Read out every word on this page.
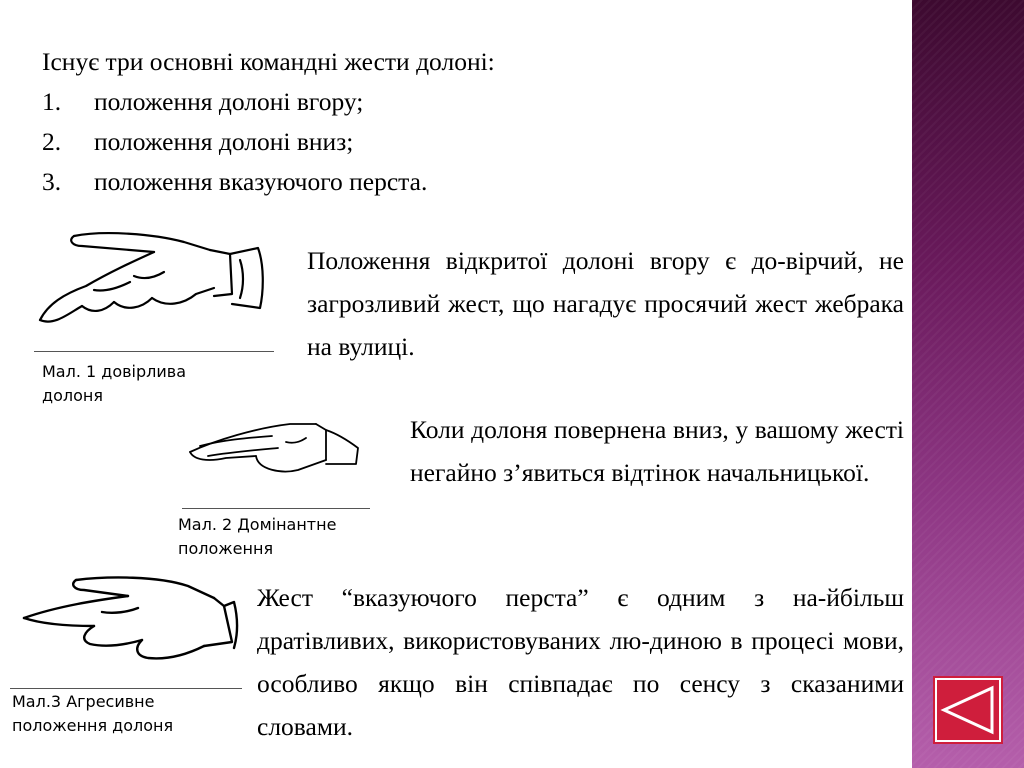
Існує три основні командні жести долоні:
1. положення долоні вгору;
2. положення долоні вниз;
3. положення вказуючого перста.
Мал. 1 довірлива
долоня
Положення відкритої долоні вгору є до-вірчий, не загрозливий жест, що нагадує просячий жест жебрака на вулиці.
Мал. 2 Домінантне
положення
Коли долоня повернена вниз, у вашому жесті негайно з’явиться відтінок начальницької.
Мал.3 Агресивне
положення долоня
Жест “вказуючого перста” є одним з на-йбільш дратівливих, використовуваних лю-диною в процесі мови, особливо якщо він співпадає по сенсу з сказаними словами.
